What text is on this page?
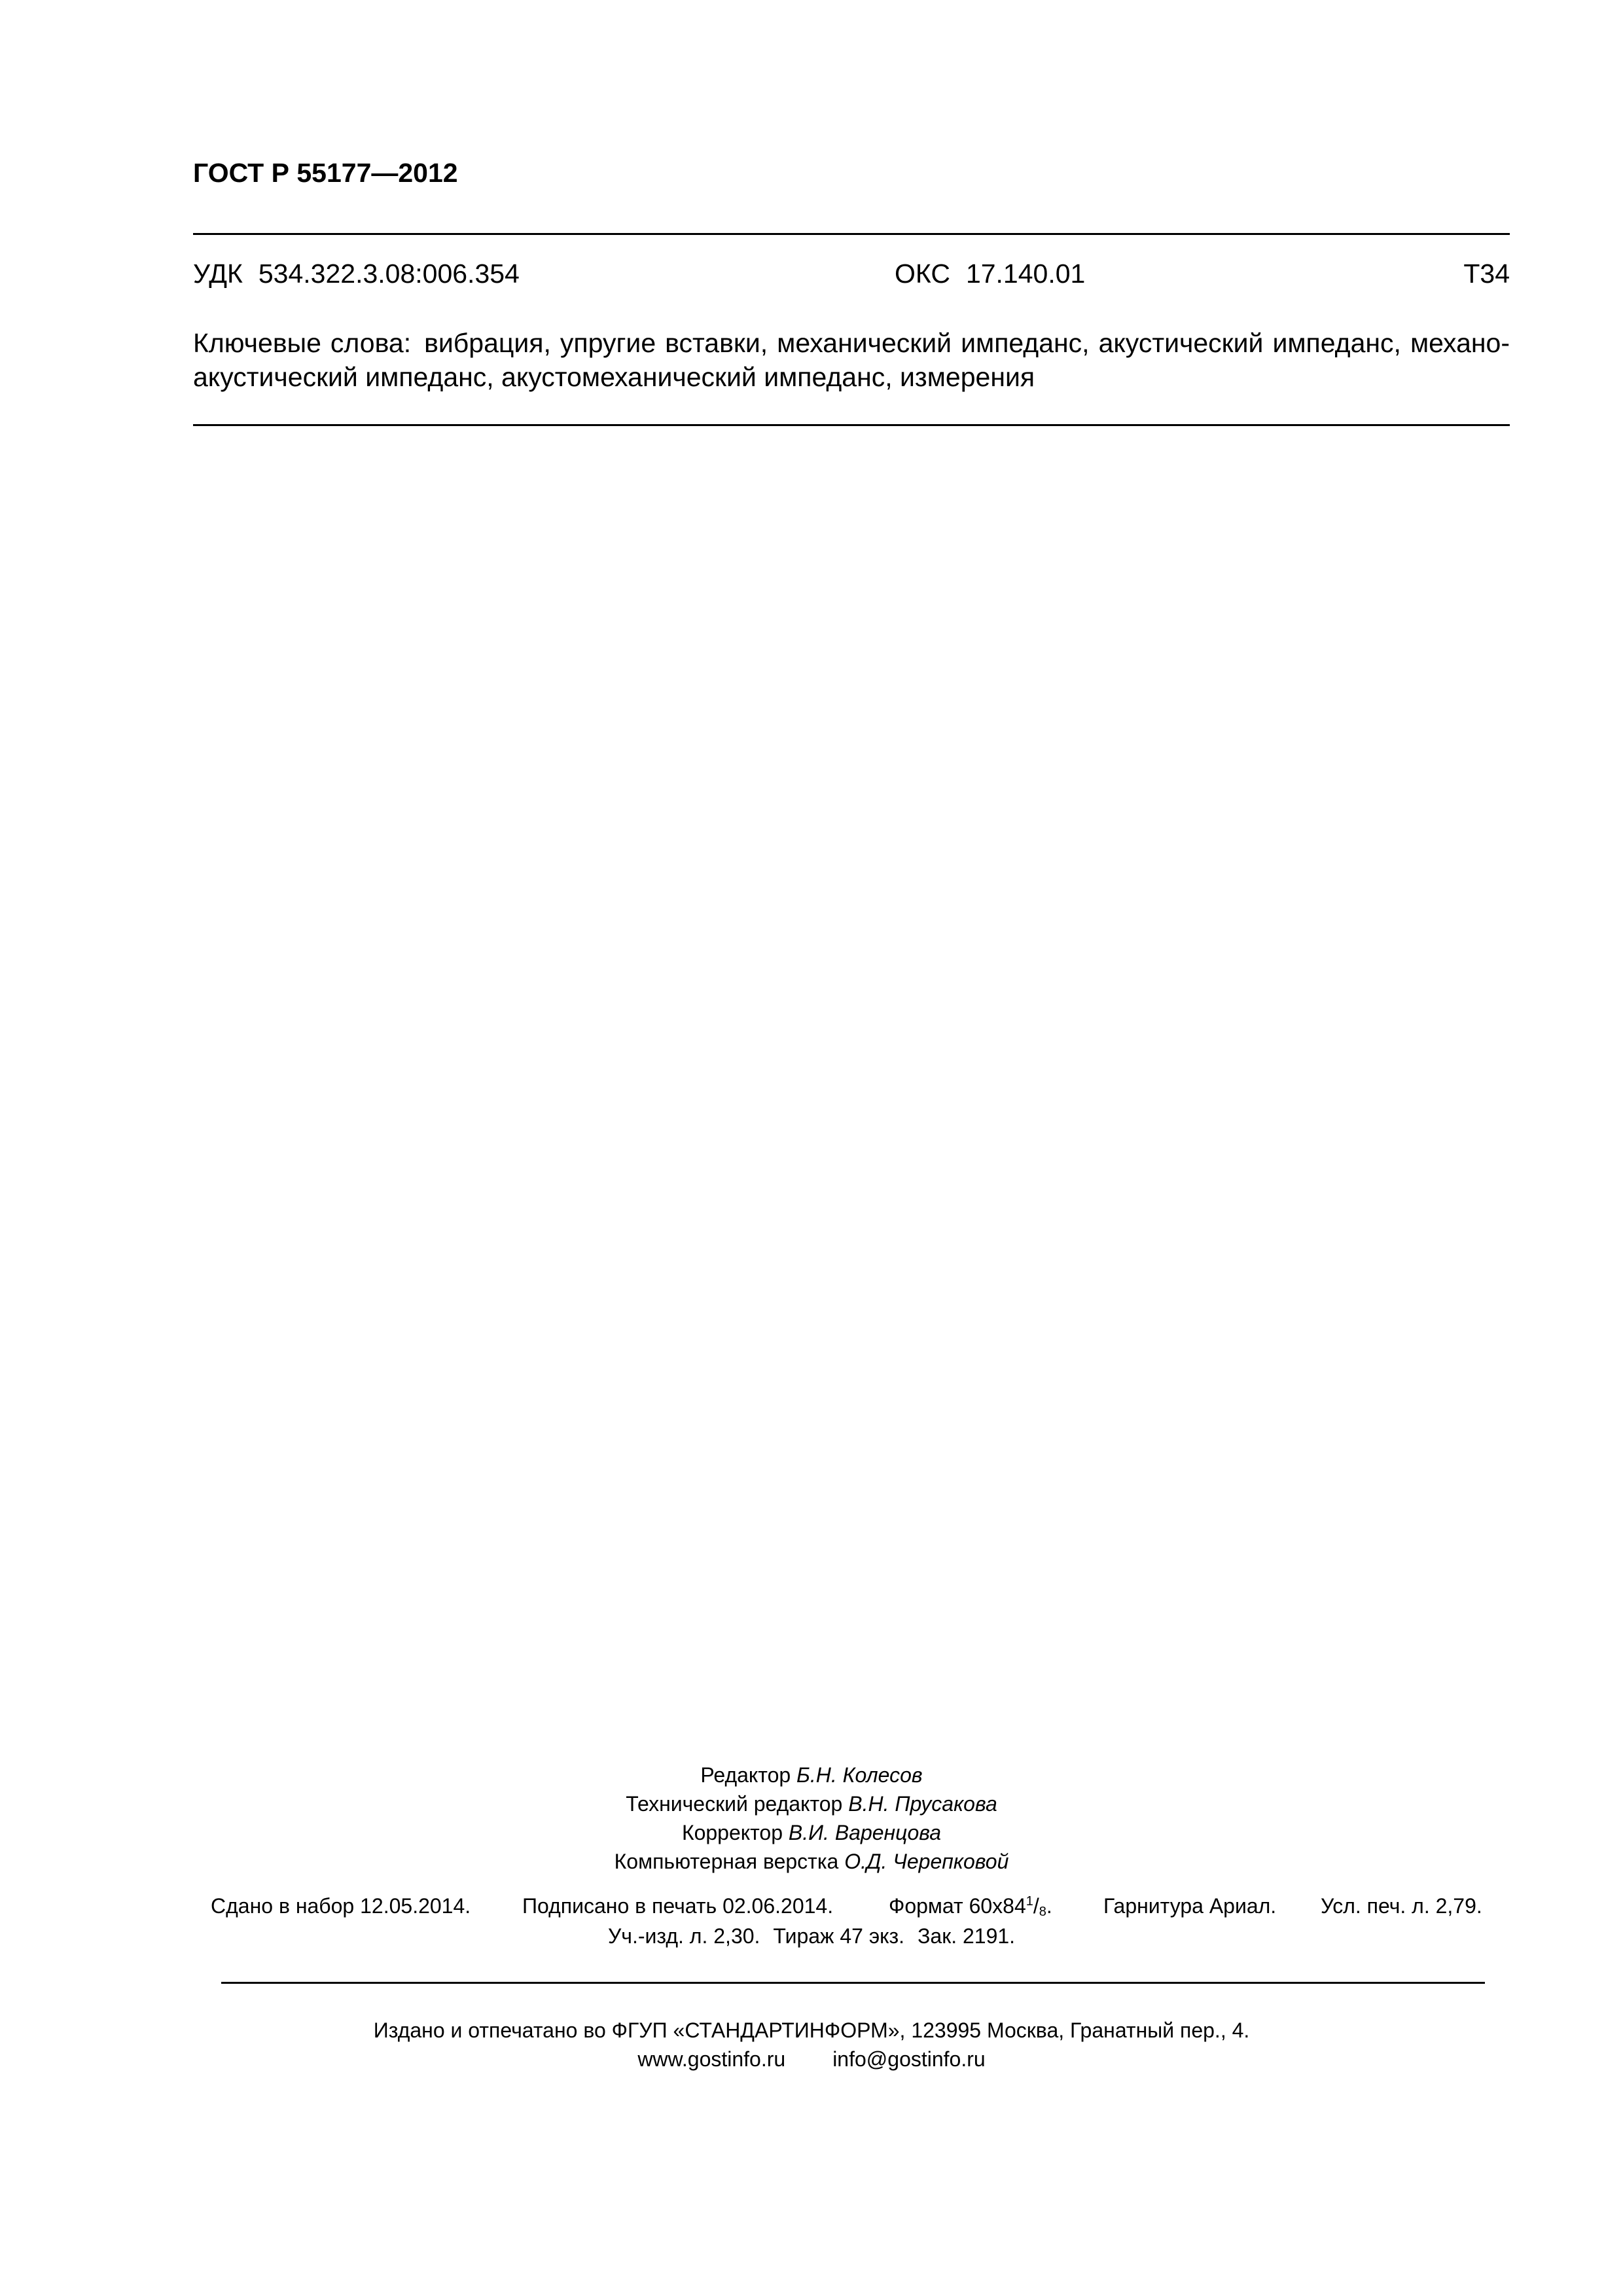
ГОСТ Р 55177—2012
УДК 534.322.3.08:006.354	ОКС 17.140.01	Т34
Ключевые слова: вибрация, упругие вставки, механический импеданс, акустический импеданс, механо-акустический импеданс, акустомеханический импеданс, измерения
Редактор Б.Н. Колесов
Технический редактор В.Н. Прусакова
Корректор В.И. Варенцова
Компьютерная верстка О.Д. Черепковой
Сдано в набор 12.05.2014. Подписано в печать 02.06.2014.	Формат $60х84^1/_8$. Гарнитура Ариал. Усл. печ. л. 2,79.
Уч.-изд. л. 2,30. Тираж 47 экз. Зак. 2191.
Издано и отпечатано во ФГУП «СТАНДАРТИНФОРМ», 123995 Москва, Гранатный пер., 4.
www.gostinfo.ru info@gostinfo.ru
